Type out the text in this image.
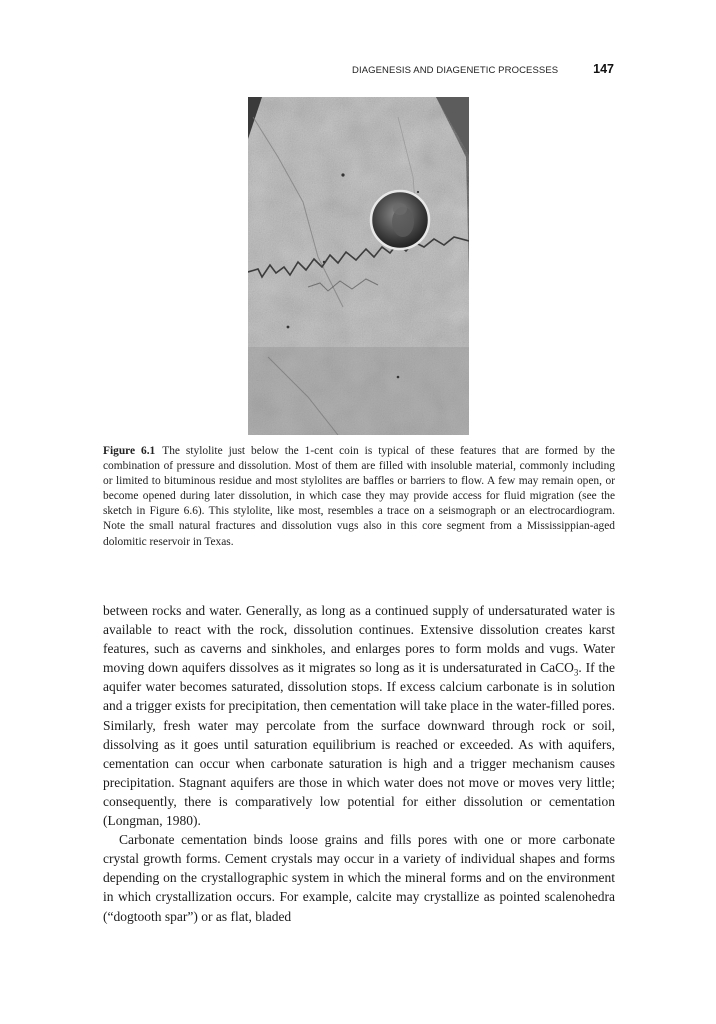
DIAGENESIS AND DIAGENETIC PROCESSES	147
Figure 6.1 The stylolite just below the 1-cent coin is typical of these features that are formed by the combination of pressure and dissolution. Most of them are filled with insoluble material, commonly including or limited to bituminous residue and most stylolites are baffles or barriers to flow. A few may remain open, or become opened during later dissolution, in which case they may provide access for fluid migration (see the sketch in Figure 6.6). This stylolite, like most, resembles a trace on a seismograph or an electrocardiogram. Note the small natural fractures and dissolution vugs also in this core segment from a Mississippian-aged dolomitic reservoir in Texas.

between rocks and water. Generally, as long as a continued supply of undersaturated water is available to react with the rock, dissolution continues. Extensive dissolution creates karst features, such as caverns and sinkholes, and enlarges pores to form molds and vugs. Water moving down aquifers dissolves as it migrates so long as it is undersaturated in CaCO$_3$. If the aquifer water becomes saturated, dissolution stops. If excess calcium carbonate is in solution and a trigger exists for precipitation, then cementation will take place in the water-filled pores. Similarly, fresh water may percolate from the surface downward through rock or soil, dissolving as it goes until saturation equilibrium is reached or exceeded. As with aquifers, cementation can occur when carbonate saturation is high and a trigger mechanism causes precipitation. Stagnant aquifers are those in which water does not move or moves very little; consequently, there is comparatively low potential for either dissolution or cementation (Longman, 1980).

Carbonate cementation binds loose grains and fills pores with one or more carbonate crystal growth forms. Cement crystals may occur in a variety of individual shapes and forms depending on the crystallographic system in which the mineral forms and on the environment in which crystallization occurs. For example, calcite may crystallize as pointed scalenohedra (“dogtooth spar”) or as flat, bladed
